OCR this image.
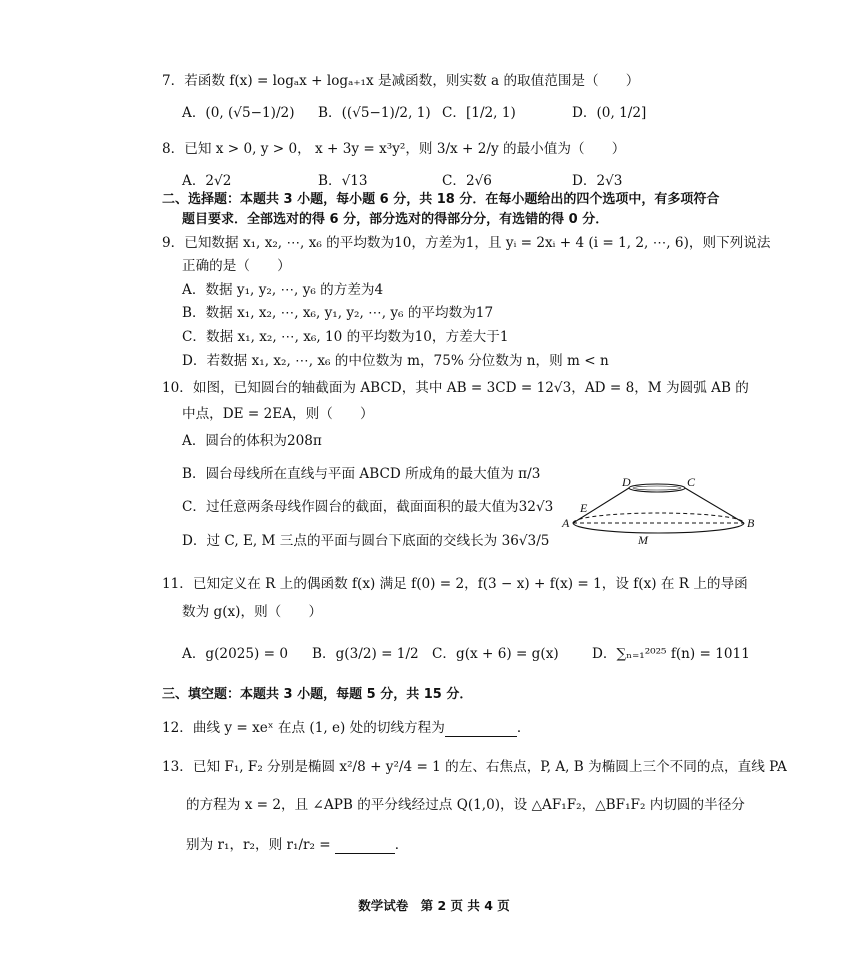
7．若函数 f(x) = logₐx + logₐ₊₁x 是减函数，则实数 a 的取值范围是（　　）
A．(0, (√5−1)/2) B．((√5−1)/2, 1) C．[1/2, 1)	D．(0, 1/2]
8．已知 x > 0, y > 0， x + 3y = x³y²，则 3/x + 2/y 的最小值为（　　）
A．2√2	B．√13	C．2√6	D．2√3
二、选择题：本题共 3 小题，每小题 6 分，共 18 分．在每小题给出的四个选项中，有多项符合
题目要求．全部选对的得 6 分，部分选对的得部分分，有选错的得 0 分．
9．已知数据 x₁, x₂, ⋯, x₆ 的平均数为10，方差为1，且 yᵢ = 2xᵢ + 4 (i = 1, 2, ⋯, 6)，则下列说法
正确的是（　　）
A．数据 y₁, y₂, ⋯, y₆ 的方差为4
B．数据 x₁, x₂, ⋯, x₆, y₁, y₂, ⋯, y₆ 的平均数为17
C．数据 x₁, x₂, ⋯, x₆, 10 的平均数为10，方差大于1
D．若数据 x₁, x₂, ⋯, x₆ 的中位数为 m，75% 分位数为 n，则 m < n
10．如图，已知圆台的轴截面为 ABCD，其中 AB = 3CD = 12√3，AD = 8，M 为圆弧 AB 的
中点，DE = 2EA，则（　　）
A．圆台的体积为208π
B．圆台母线所在直线与平面 ABCD 所成角的最大值为 π/3
C．过任意两条母线作圆台的截面，截面面积的最大值为32√3
D．过 C, E, M 三点的平面与圆台下底面的交线长为 36√3/5
D	C
E
A	B
M
11．已知定义在 R 上的偶函数 f(x) 满足 f(0) = 2，f(3 − x) + f(x) = 1，设 f(x) 在 R 上的导函
数为 g(x)，则（　　）
A．g(2025) = 0 B．g(3/2) = 1/2 C．g(x + 6) = g(x) D．∑ₙ₌₁²⁰²⁵ f(n) = 1011
三、填空题：本题共 3 小题，每题 5 分，共 15 分．
12．曲线 y = xeˣ 在点 (1, e) 处的切线方程为	．
13．已知 F₁, F₂ 分别是椭圆 x²/8 + y²/4 = 1 的左、右焦点，P, A, B 为椭圆上三个不同的点，直线 PA
的方程为 x = 2，且 ∠APB 的平分线经过点 Q(1,0)，设 △AF₁F₂，△BF₁F₂ 内切圆的半径分
别为 r₁，r₂，则 r₁/r₂ =	．
数学试卷 第 2 页 共 4 页
